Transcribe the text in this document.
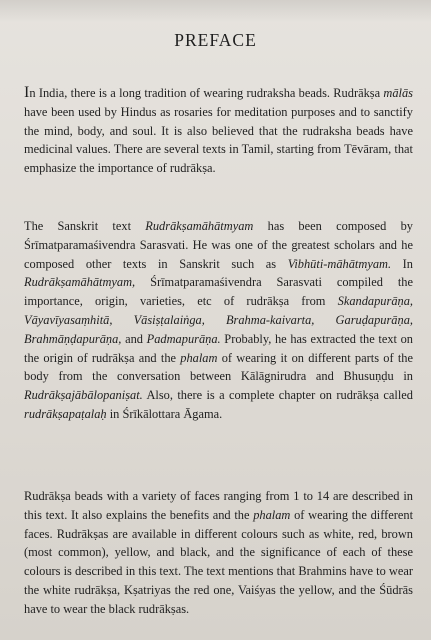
PREFACE

In India, there is a long tradition of wearing rudraksha beads. Rudrākṣa mālās have been used by Hindus as rosaries for meditation purposes and to sanctify the mind, body, and soul. It is also believed that the rudraksha beads have medicinal values. There are several texts in Tamil, starting from Tēvāram, that emphasize the importance of rudrākṣa.

The Sanskrit text Rudrākṣamāhātmyam has been composed by Śrīmatparamaśivendra Sarasvati. He was one of the greatest scholars and he composed other texts in Sanskrit such as Vibhūti-māhātmyam. In Rudrākṣamāhātmyam, Śrīmatparamaśivendra Sarasvati compiled the importance, origin, varieties, etc of rudrākṣa from Skandapurāṇa, Vāyavīyasaṃhitā, Vāsiṣṭalaiṅga, Brahma-kaivarta, Garuḍapurāṇa, Brahmāṇḍapurāṇa, and Padmapurāṇa. Probably, he has extracted the text on the origin of rudrākṣa and the phalam of wearing it on different parts of the body from the conversation between Kālāgnirudra and Bhusuṇḍu in Rudrākṣajābālopaniṣat. Also, there is a complete chapter on rudrākṣa called rudrākṣapaṭalaḥ in Śrīkālottara Āgama.

Rudrākṣa beads with a variety of faces ranging from 1 to 14 are described in this text. It also explains the benefits and the phalam of wearing the different faces. Rudrākṣas are available in different colours such as white, red, brown (most common), yellow, and black, and the significance of each of these colours is described in this text. The text mentions that Brahmins have to wear the white rudrākṣa, Kṣatriyas the red one, Vaiśyas the yellow, and the Śūdrās have to wear the black rudrākṣas.
